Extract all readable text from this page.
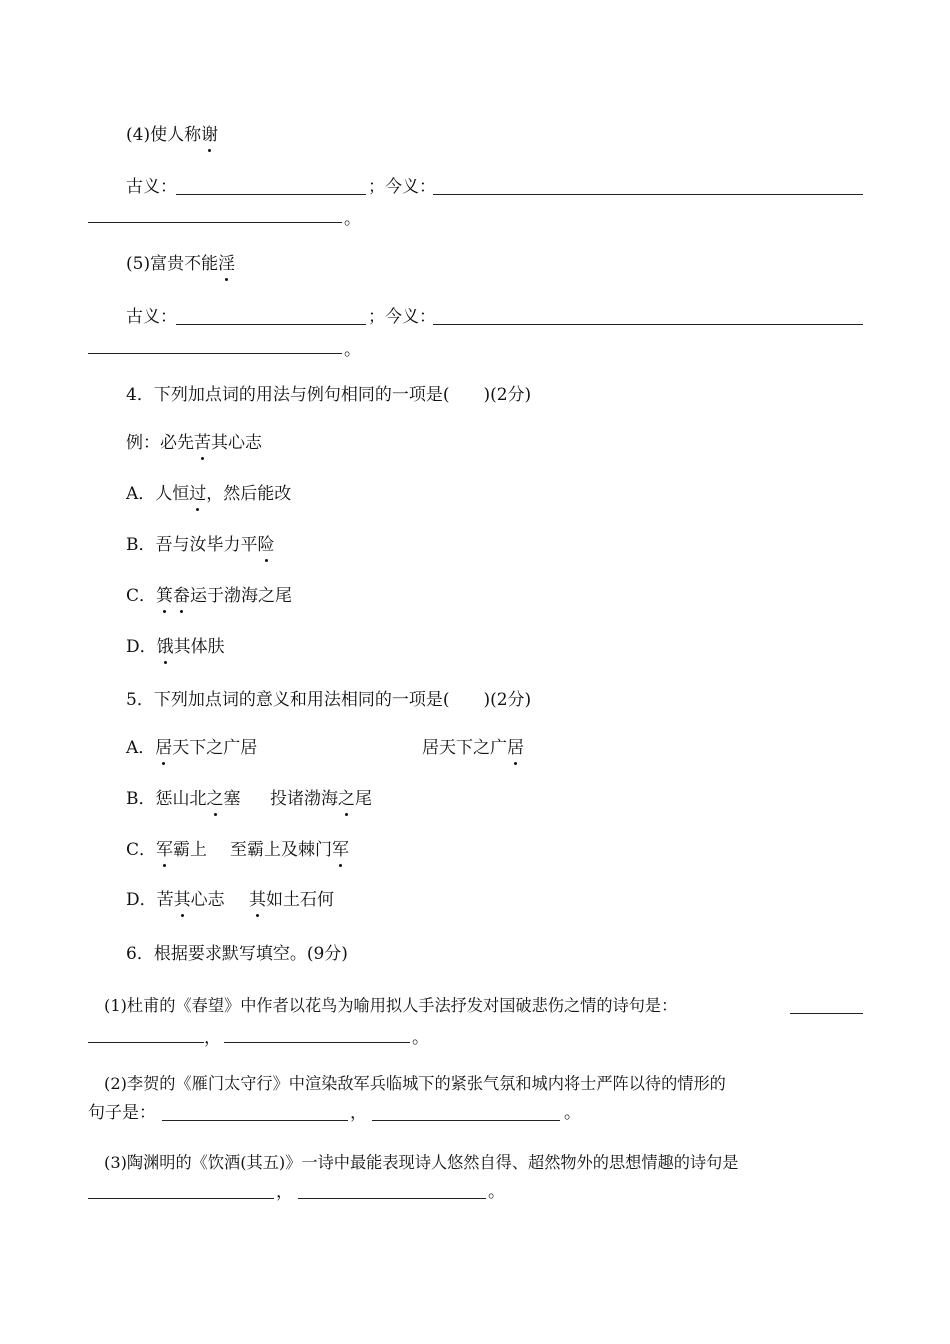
(4)使人称谢
古义：	；今义：
。
(5)富贵不能淫
古义：	；今义：
。
4．下列加点词的用法与例句相同的一项是(　　)(2分)
例：必先苦其心志
A．人恒过，然后能改
B．吾与汝毕力平险
C．箕畚运于渤海之尾
D．饿其体肤
5．下列加点词的意义和用法相同的一项是(　　)(2分)
A．居天下之广居	居天下之广居
B．惩山北之塞 投诸渤海之尾
C．军霸上 至霸上及棘门军
D．苦其心志 其如土石何
6．根据要求默写填空。(9分)
(1)杜甫的《春望》中作者以花鸟为喻用拟人手法抒发对国破悲伤之情的诗句是：
，	。
(2)李贺的《雁门太守行》中渲染敌军兵临城下的紧张气氛和城内将士严阵以待的情形的
句子是：	，	。
(3)陶渊明的《饮酒(其五)》一诗中最能表现诗人悠然自得、超然物外的思想情趣的诗句是
，	。
